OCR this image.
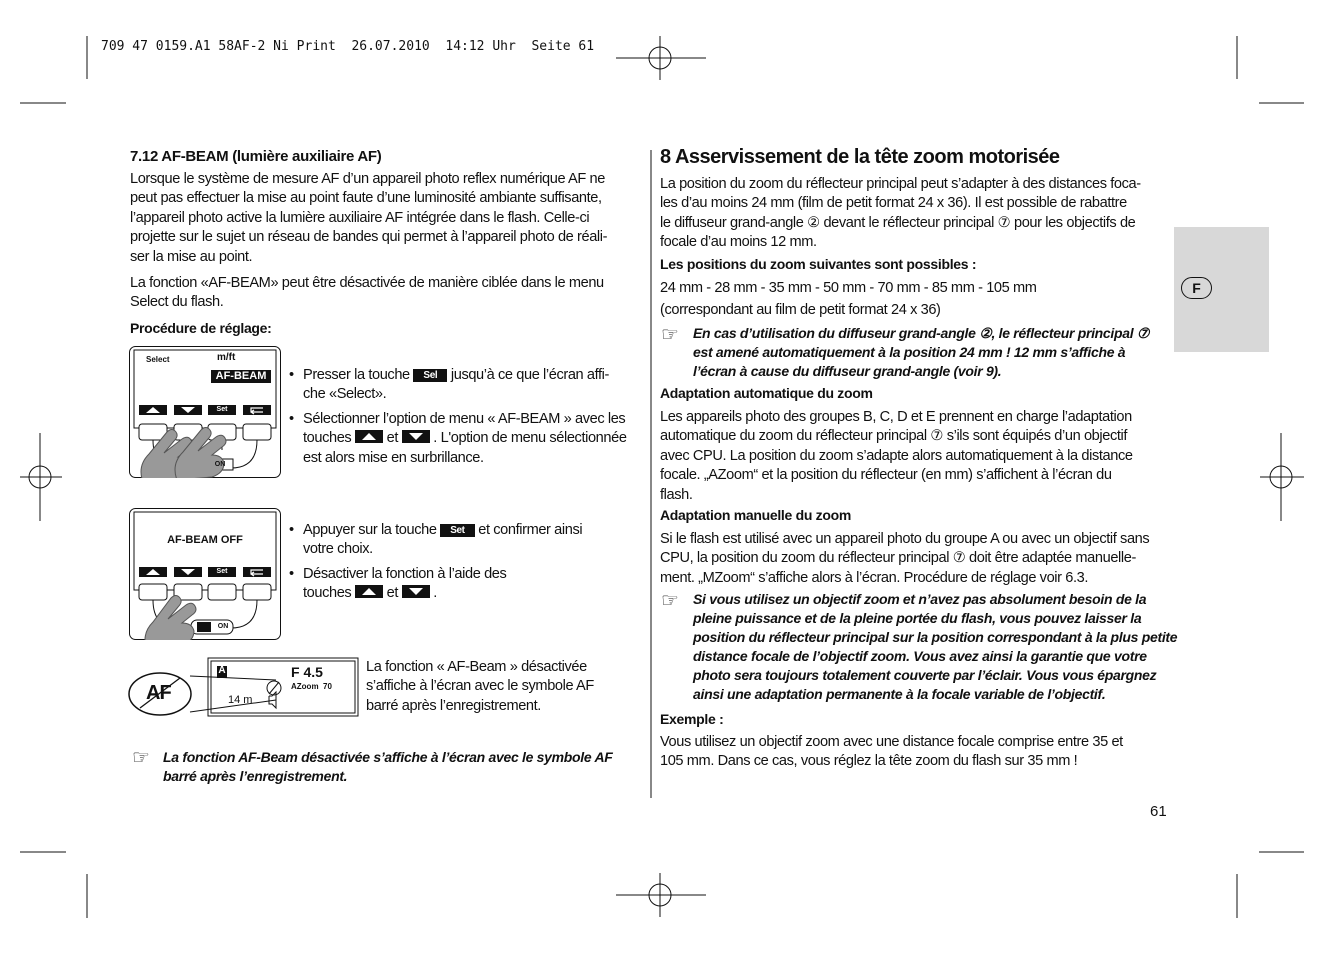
709 47 0159.A1 58AF-2 Ni Print  26.07.2010  14:12 Uhr  Seite 61
F
7.12 AF-BEAM (lumière auxiliaire AF)
Lorsque le système de mesure AF d’un appareil photo reflex numérique AF ne
peut pas effectuer la mise au point faute d’une luminosité ambiante suffisante,
l’appareil photo active la lumière auxiliaire AF intégrée dans le flash. Celle-ci
projette sur le sujet un réseau de bandes qui permet à l’appareil photo de réali-
ser la mise au point.
La fonction «AF-BEAM» peut être désactivée de manière ciblée dans le menu
Select du flash.
Procédure de réglage:
Select	m/ft
AF-BEAM
Set
ON
• Presser la touche Sel jusqu’à ce que l’écran affi-
che «Select».
• Sélectionner l’option de menu « AF-BEAM » avec les
touches  et  . L'option de menu sélectionnée
est alors mise en surbrillance.
AF-BEAM OFF
Set
ON
• Appuyer sur la touche Set et confirmer ainsi
votre choix.
• Désactiver la fonction à l’aide des
touches  et  .
AF
A	F 4.5
AZoom  70
14 m
La fonction « AF-Beam » désactivée
s’affiche à l’écran avec le symbole AF
barré après l’enregistrement.
☞ La fonction AF-Beam désactivée s’affiche à l’écran avec le symbole AF
barré après l’enregistrement.
8 Asservissement de la tête zoom motorisée
La position du zoom du réflecteur principal peut s’adapter à des distances foca-
les d’au moins 24 mm (film de petit format 24 x 36). Il est possible de rabattre
le diffuseur grand-angle ② devant le réflecteur principal ⑦ pour les objectifs de
focale d’au moins 12 mm.
Les positions du zoom suivantes sont possibles :
24 mm - 28 mm - 35 mm - 50 mm - 70 mm - 85 mm - 105 mm
(correspondant au film de petit format 24 x 36)
☞ En cas d’utilisation du diffuseur grand-angle ②, le réflecteur principal ⑦
est amené automatiquement à la position 24 mm ! 12 mm s’affiche à
l’écran à cause du diffuseur grand-angle (voir 9).
Adaptation automatique du zoom
Les appareils photo des groupes B, C, D et E prennent en charge l’adaptation
automatique du zoom du réflecteur principal ⑦ s’ils sont équipés d’un objectif
avec CPU. La position du zoom s’adapte alors automatiquement à la distance
focale. „AZoom“ et la position du réflecteur (en mm) s’affichent à l’écran du
flash.
Adaptation manuelle du zoom
Si le flash est utilisé avec un appareil photo du groupe A ou avec un objectif sans
CPU, la position du zoom du réflecteur principal ⑦ doit être adaptée manuelle-
ment. „MZoom“ s’affiche alors à l’écran. Procédure de réglage voir 6.3.
☞ Si vous utilisez un objectif zoom et n’avez pas absolument besoin de la
pleine puissance et de la pleine portée du flash, vous pouvez laisser la
position du réflecteur principal sur la position correspondant à la plus petite
distance focale de l’objectif zoom. Vous avez ainsi la garantie que votre
photo sera toujours totalement couverte par l’éclair. Vous vous épargnez
ainsi une adaptation permanente à la focale variable de l’objectif.
Exemple :
Vous utilisez un objectif zoom avec une distance focale comprise entre 35 et
105 mm. Dans ce cas, vous réglez la tête zoom du flash sur 35 mm !
61
